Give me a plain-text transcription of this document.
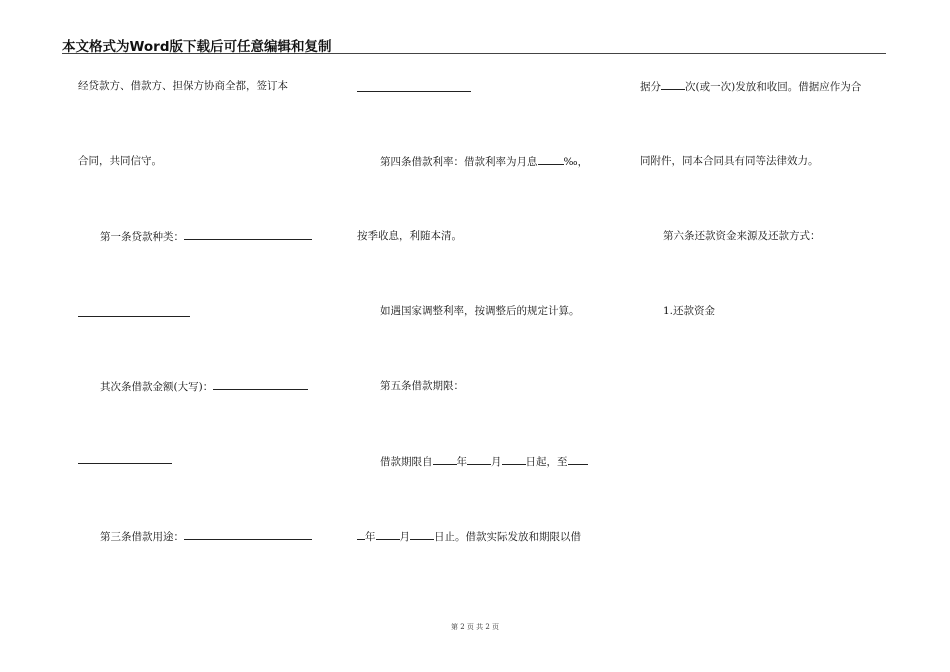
本文格式为Word版下载后可任意编辑和复制
经贷款方、借款方、担保方协商全都，签订本
合同，共同信守。
第一条贷款种类：
其次条借款金额(大写)：
第三条借款用途：
第四条借款利率：借款利率为月息 ‰，
按季收息，利随本清。
如遇国家调整利率，按调整后的规定计算。
第五条借款期限：
借款期限自 年 月 日起，至
年 月 日止。借款实际发放和期限以借
据分 次(或一次)发放和收回。借据应作为合
同附件，同本合同具有同等法律效力。
第六条还款资金来源及还款方式：
1.还款资金
第 2 页 共 2 页
